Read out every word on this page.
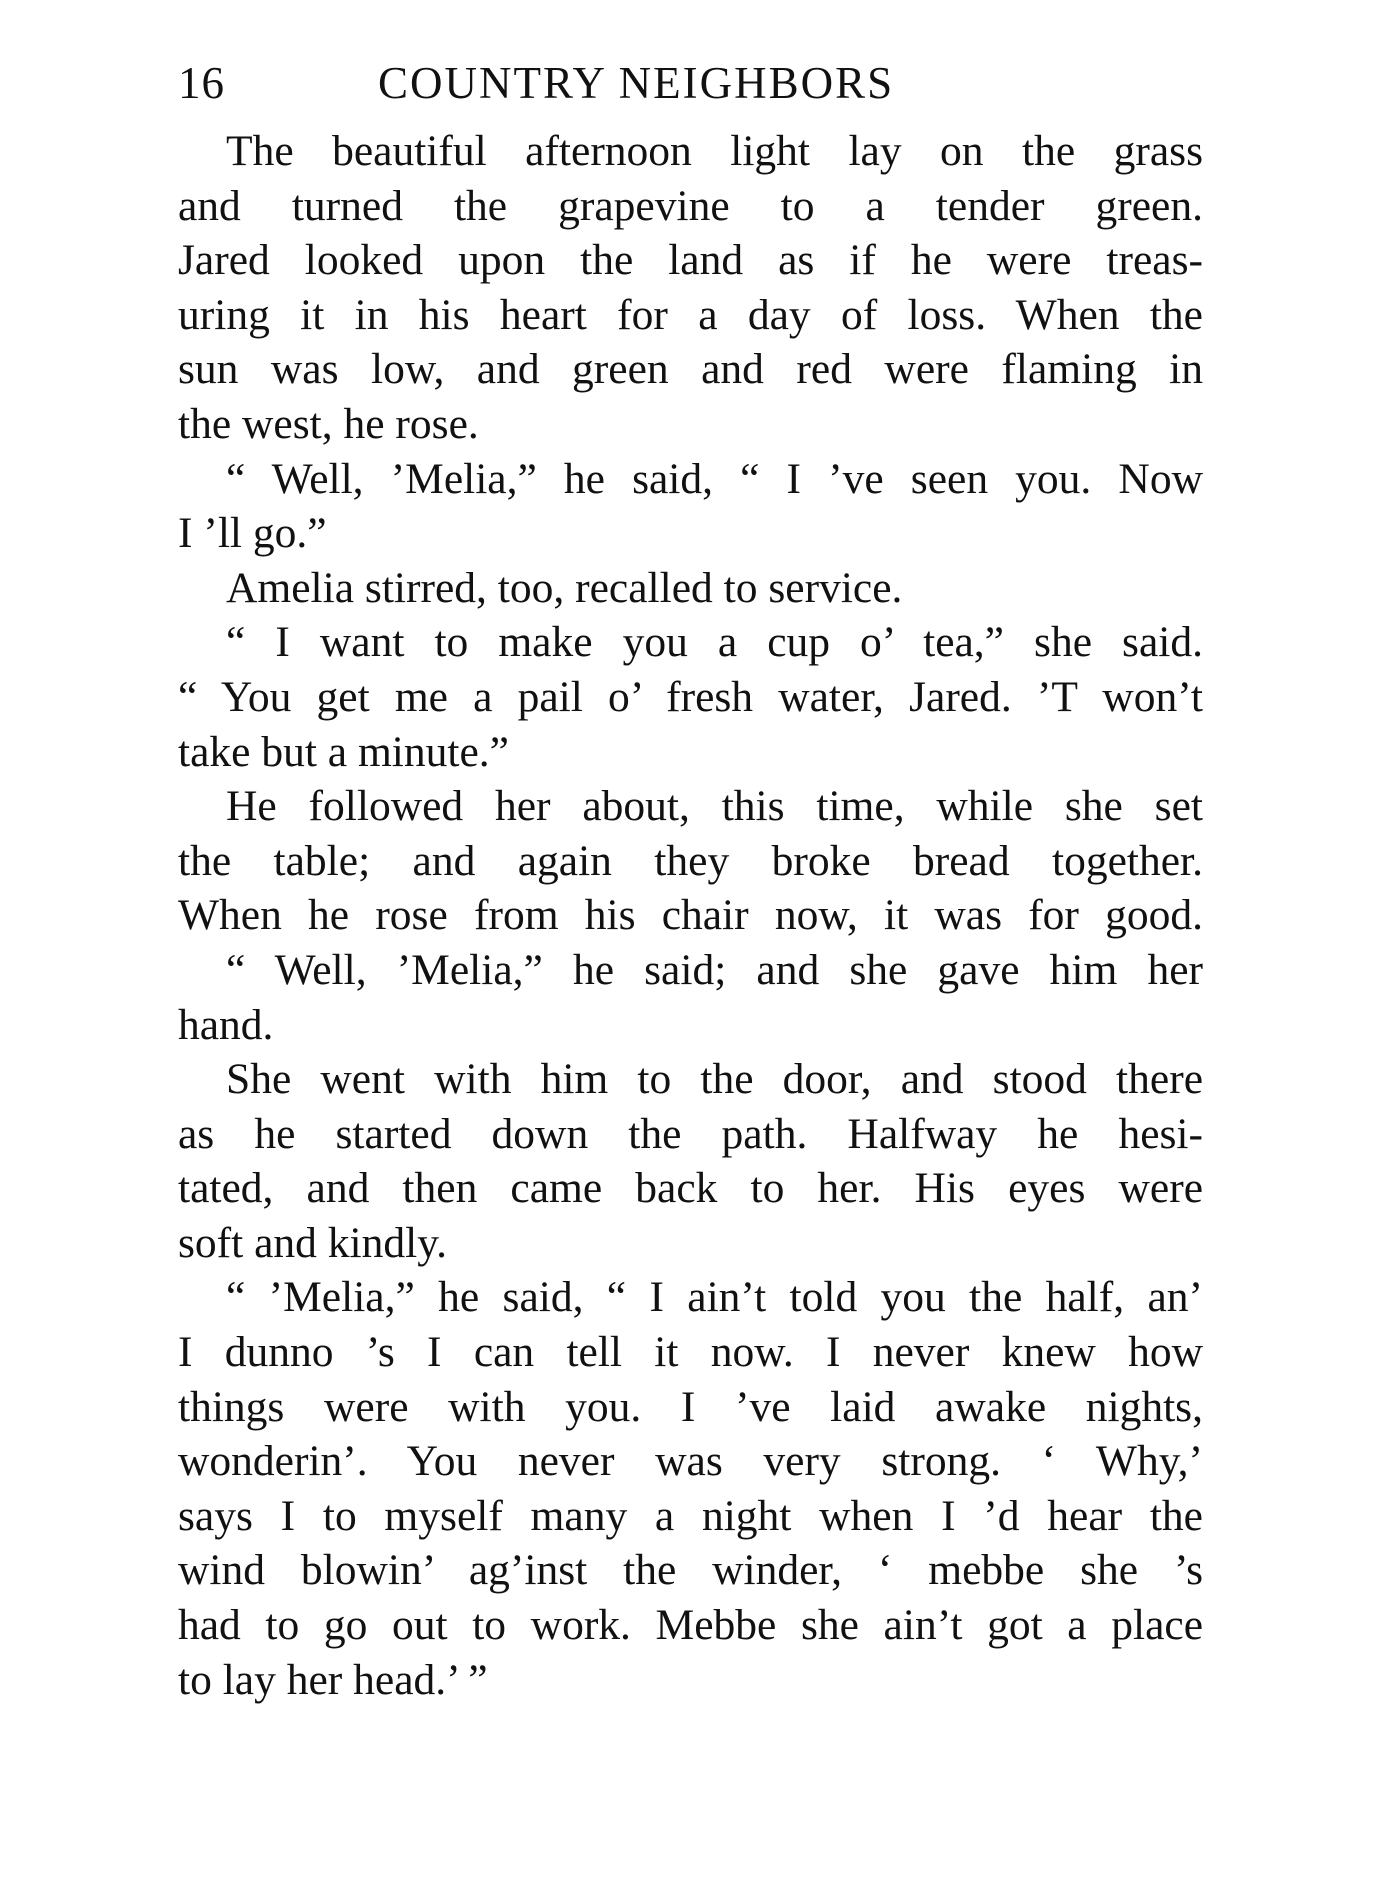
16	COUNTRY NEIGHBORS
The beautiful afternoon light lay on the grass
and turned the grapevine to a tender green.
Jared looked upon the land as if he were treas-
uring it in his heart for a day of loss. When the
sun was low, and green and red were flaming in
the west, he rose.
“ Well, ’Melia,” he said, “ I ’ve seen you. Now
I ’ll go.”
Amelia stirred, too, recalled to service.
“ I want to make you a cup o’ tea,” she said.
“ You get me a pail o’ fresh water, Jared. ’T won’t
take but a minute.”
He followed her about, this time, while she set
the table; and again they broke bread together.
When he rose from his chair now, it was for good.
“ Well, ’Melia,” he said; and she gave him her
hand.
She went with him to the door, and stood there
as he started down the path. Halfway he hesi-
tated, and then came back to her. His eyes were
soft and kindly.
“ ’Melia,” he said, “ I ain’t told you the half, an’
I dunno ’s I can tell it now. I never knew how
things were with you. I ’ve laid awake nights,
wonderin’. You never was very strong. ‘ Why,’
says I to myself many a night when I ’d hear the
wind blowin’ ag’inst the winder, ‘ mebbe she ’s
had to go out to work. Mebbe she ain’t got a place
to lay her head.’ ”
